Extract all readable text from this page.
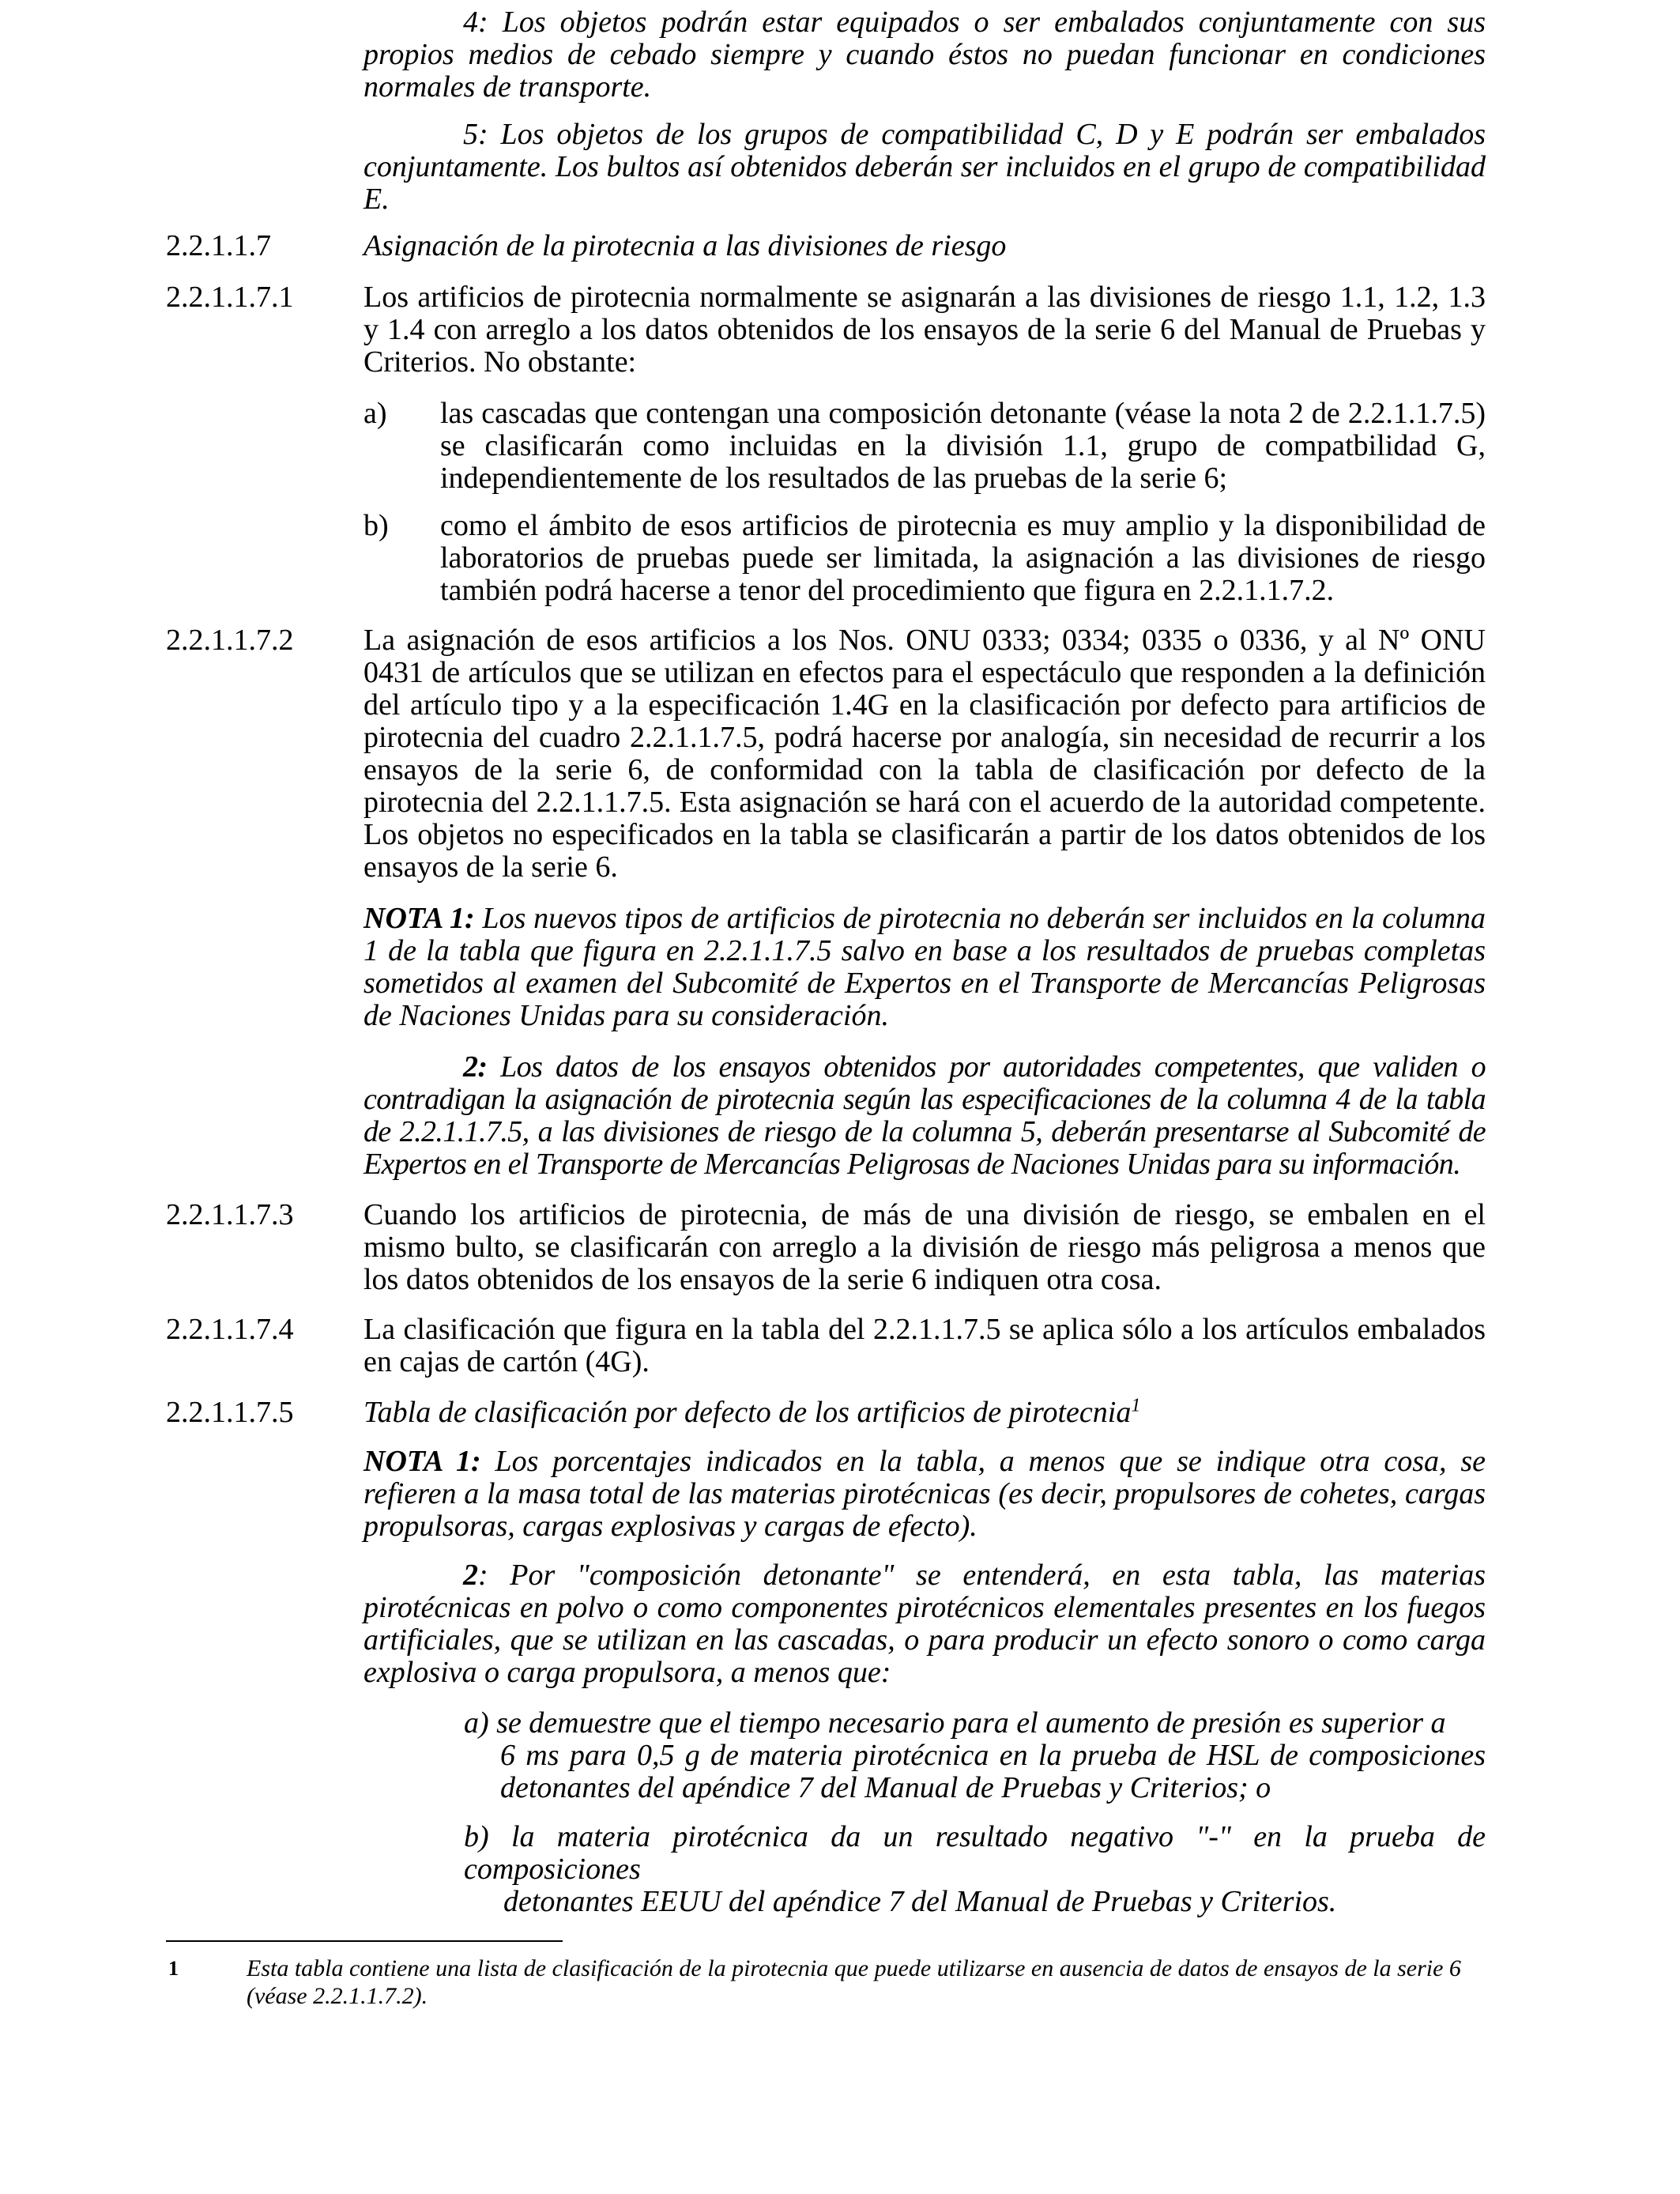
4: Los objetos podrán estar equipados o ser embalados conjuntamente con sus propios medios de cebado siempre y cuando éstos no puedan funcionar en condiciones normales de transporte.

5: Los objetos de los grupos de compatibilidad C, D y E podrán ser embalados conjuntamente. Los bultos así obtenidos deberán ser incluidos en el grupo de compatibilidad E.

2.2.1.1.7	Asignación de la pirotecnia a las divisiones de riesgo

2.2.1.1.7.1 Los artificios de pirotecnia normalmente se asignarán a las divisiones de riesgo 1.1, 1.2, 1.3 y 1.4 con arreglo a los datos obtenidos de los ensayos de la serie 6 del Manual de Pruebas y Criterios. No obstante:

a) las cascadas que contengan una composición detonante (véase la nota 2 de 2.2.1.1.7.5) se clasificarán como incluidas en la división 1.1, grupo de compatbilidad G, independientemente de los resultados de las pruebas de la serie 6;

b) como el ámbito de esos artificios de pirotecnia es muy amplio y la disponibilidad de laboratorios de pruebas puede ser limitada, la asignación a las divisiones de riesgo también podrá hacerse a tenor del procedimiento que figura en 2.2.1.1.7.2.

2.2.1.1.7.2 La asignación de esos artificios a los Nos. ONU 0333; 0334; 0335 o 0336, y al Nº ONU 0431 de artículos que se utilizan en efectos para el espectáculo que responden a la definición del artículo tipo y a la especificación 1.4G en la clasificación por defecto para artificios de pirotecnia del cuadro 2.2.1.1.7.5, podrá hacerse por analogía, sin necesidad de recurrir a los ensayos de la serie 6, de conformidad con la tabla de clasificación por defecto de la pirotecnia del 2.2.1.1.7.5. Esta asignación se hará con el acuerdo de la autoridad competente. Los objetos no especificados en la tabla se clasificarán a partir de los datos obtenidos de los ensayos de la serie 6.

NOTA 1: Los nuevos tipos de artificios de pirotecnia no deberán ser incluidos en la columna 1 de la tabla que figura en 2.2.1.1.7.5 salvo en base a los resultados de pruebas completas sometidos al examen del Subcomité de Expertos en el Transporte de Mercancías Peligrosas de Naciones Unidas para su consideración.

2: Los datos de los ensayos obtenidos por autoridades competentes, que validen o contradigan la asignación de pirotecnia según las especificaciones de la columna 4 de la tabla de 2.2.1.1.7.5, a las divisiones de riesgo de la columna 5, deberán presentarse al Subcomité de Expertos en el Transporte de Mercancías Peligrosas de Naciones Unidas para su información.

2.2.1.1.7.3 Cuando los artificios de pirotecnia, de más de una división de riesgo, se embalen en el mismo bulto, se clasificarán con arreglo a la división de riesgo más peligrosa a menos que los datos obtenidos de los ensayos de la serie 6 indiquen otra cosa.

2.2.1.1.7.4 La clasificación que figura en la tabla del 2.2.1.1.7.5 se aplica sólo a los artículos embalados en cajas de cartón (4G).

2.2.1.1.7.5 Tabla de clasificación por defecto de los artificios de pirotecnia$^1$

NOTA 1: Los porcentajes indicados en la tabla, a menos que se indique otra cosa, se refieren a la masa total de las materias pirotécnicas (es decir, propulsores de cohetes, cargas propulsoras, cargas explosivas y cargas de efecto).

2: Por "composición detonante" se entenderá, en esta tabla, las materias pirotécnicas en polvo o como componentes pirotécnicos elementales presentes en los fuegos artificiales, que se utilizan en las cascadas, o para producir un efecto sonoro o como carga explosiva o carga propulsora, a menos que:

a) se demuestre que el tiempo necesario para el aumento de presión es superior a
6 ms para 0,5 g de materia pirotécnica en la prueba de HSL de composiciones detonantes del apéndice 7 del Manual de Pruebas y Criterios; o

b) la materia pirotécnica da un resultado negativo "-" en la prueba de composiciones
detonantes EEUU del apéndice 7 del Manual de Pruebas y Criterios.

1	Esta tabla contiene una lista de clasificación de la pirotecnia que puede utilizarse en ausencia de datos de ensayos de la serie 6 (véase 2.2.1.1.7.2).
